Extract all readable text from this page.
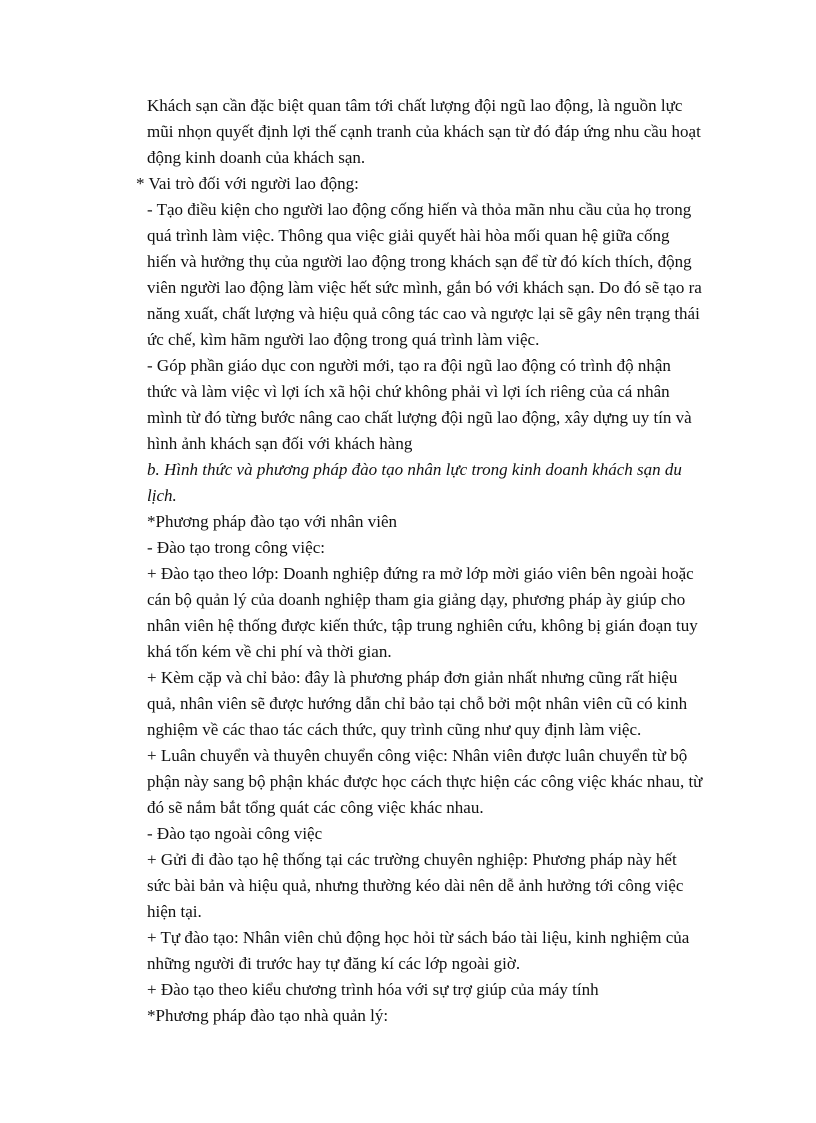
Khách sạn cần đặc biệt quan tâm tới chất lượng đội ngũ lao động, là nguồn lực

mũi nhọn quyết định lợi thế cạnh tranh của khách sạn từ đó đáp ứng nhu cầu hoạt

động kinh doanh của khách sạn.

* Vai trò đối với người lao động:

- Tạo điều kiện cho người lao động cống hiến và thỏa mãn nhu cầu của họ trong

quá trình làm việc. Thông qua việc giải quyết hài hòa mối quan hệ giữa cống

hiến và hưởng thụ của người lao động trong khách sạn để từ đó kích thích, động

viên người lao động làm việc hết sức mình, gắn bó với khách sạn. Do đó sẽ tạo ra

năng xuất, chất lượng và hiệu quả công tác cao và ngược lại sẽ gây nên trạng thái

ức chế, kìm hãm người lao động trong quá trình làm việc.

- Góp phần giáo dục con người mới, tạo ra đội ngũ lao động có trình độ nhận

thức và làm việc vì lợi ích xã hội chứ không phải vì lợi ích riêng của cá nhân

mình từ đó từng bước nâng cao chất lượng đội ngũ lao động, xây dựng uy tín và

hình ảnh khách sạn đối với khách hàng

b. Hình thức và phương pháp đào tạo nhân lực trong kinh doanh khách sạn du

lịch.

*Phương pháp đào tạo với nhân viên

- Đào tạo trong công việc:

+ Đào tạo theo lớp: Doanh nghiệp đứng ra mở lớp mời giáo viên bên ngoài hoặc

cán bộ quản lý của doanh nghiệp tham gia giảng dạy, phương pháp ày giúp cho

nhân viên hệ thống được kiến thức, tập trung nghiên cứu, không bị gián đoạn tuy

khá tốn kém về chi phí và thời gian.

+ Kèm cặp và chỉ bảo: đây là phương pháp đơn giản nhất nhưng cũng rất hiệu

quả, nhân viên sẽ được hướng dẫn chỉ bảo tại chỗ bởi một nhân viên cũ có kinh

nghiệm về các thao tác cách thức, quy trình cũng như quy định làm việc.

+ Luân chuyển và thuyên chuyển công việc: Nhân viên được luân chuyển từ bộ

phận này sang bộ phận khác được học cách thực hiện các công việc khác nhau, từ

đó sẽ nắm bắt tổng quát các công việc khác nhau.

- Đào tạo ngoài công việc

+ Gửi đi đào tạo hệ thống tại các trường chuyên nghiệp: Phương pháp này hết

sức bài bản và hiệu quả, nhưng thường kéo dài nên dễ ảnh hưởng tới công việc

hiện tại.

+ Tự đào tạo: Nhân viên chủ động học hỏi từ sách báo tài liệu, kinh nghiệm của

những người đi trước hay tự đăng kí các lớp ngoài giờ.

+ Đào tạo theo kiểu chương trình hóa với sự trợ giúp của máy tính

*Phương pháp đào tạo nhà quản lý:
